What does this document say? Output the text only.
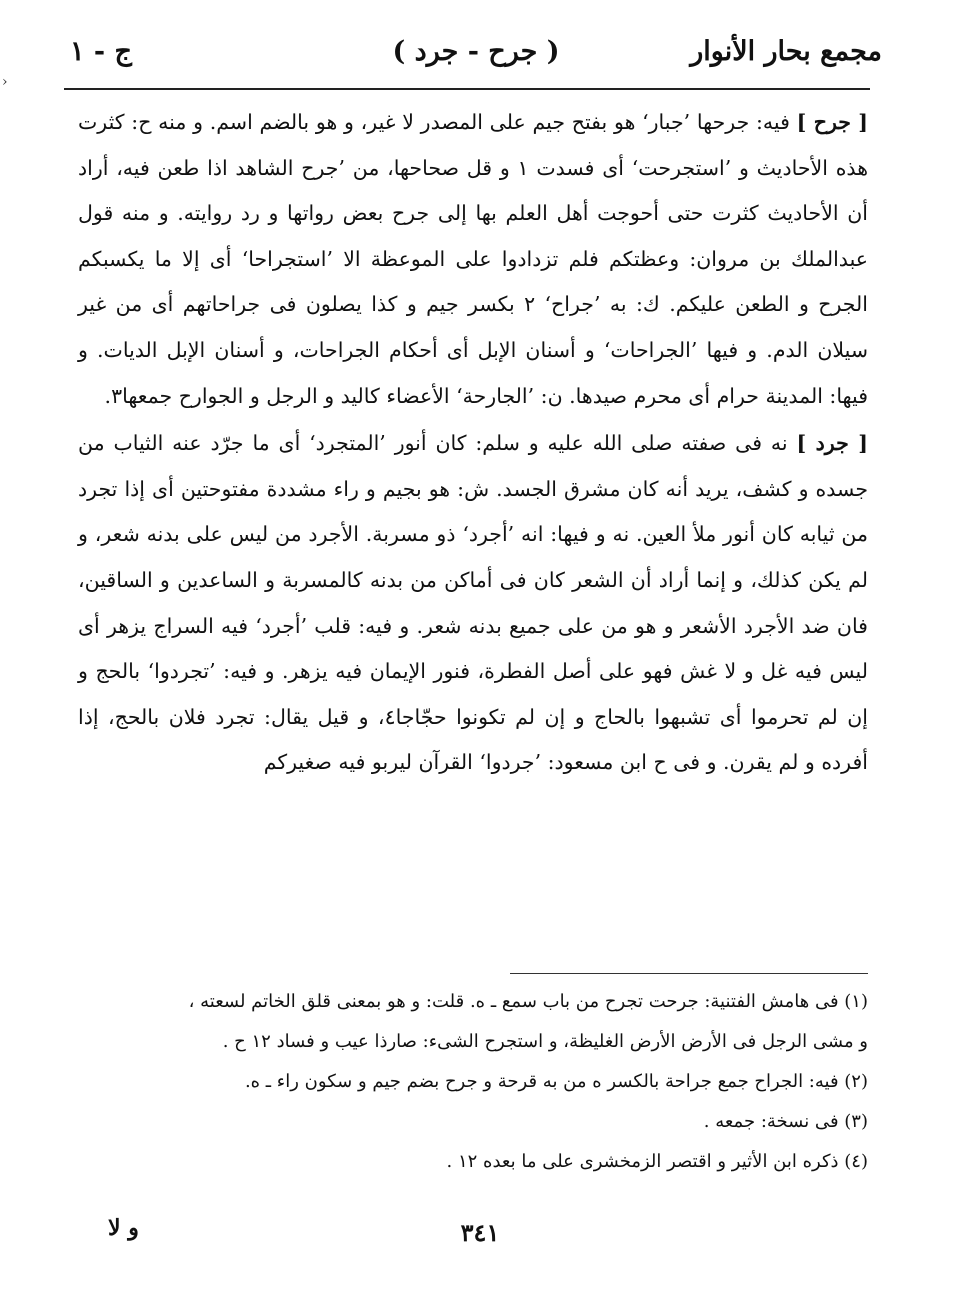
›
مجمع بحار الأنوار
( جرح - جرد )
ج - ١

[ جرح ] فيه: جرحها ’جبار‘ هو بفتح جيم على المصدر لا غير، و هو بالضم اسم. و منه ح: كثرت هذه الأحاديث و ’استجرحت‘ أى فسدت ١ و قل صحاحها، من ’جرح الشاهد اذا طعن فيه، أراد أن الأحاديث كثرت حتى أحوجت أهل العلم بها إلى جرح بعض رواتها و رد روايته. و منه قول عبدالملك بن مروان: وعظتكم فلم تزدادوا على الموعظة الا ’استجراحا‘ أى إلا ما يكسبكم الجرح و الطعن عليكم. ك: به ’جراح‘ ٢ بكسر جيم و كذا يصلون فى جراحاتهم أى من غير سيلان الدم. و فيها ’الجراحات‘ و أسنان الإبل أى أحكام الجراحات، و أسنان الإبل الديات. و فيها: المدينة حرام أى محرم صيدها. ن: ’الجارحة‘ الأعضاء كاليد و الرجل و الجوارح جمعها٣.

[ جرد ] نه فى صفته صلى الله عليه و سلم: كان أنور ’المتجرد‘ أى ما جرّد عنه الثياب من جسده و كشف، يريد أنه كان مشرق الجسد. ش: هو بجيم و راء مشددة مفتوحتين أى إذا تجرد من ثيابه كان أنور ملأ العين. نه و فيها: انه ’أجرد‘ ذو مسربة. الأجرد من ليس على بدنه شعر، و لم يكن كذلك، و إنما أراد أن الشعر كان فى أماكن من بدنه كالمسربة و الساعدين و الساقين، فان ضد الأجرد الأشعر و هو من على جميع بدنه شعر. و فيه: قلب ’أجرد‘ فيه السراج يزهر أى ليس فيه غل و لا غش فهو على أصل الفطرة، فنور الإيمان فيه يزهر. و فيه: ’تجردوا‘ بالحج و إن لم تحرموا أى تشبهوا بالحاج و إن لم تكونوا حجّاجا٤، و قيل يقال: تجرد فلان بالحج، إذا أفرده و لم يقرن. و فى ح ابن مسعود: ’جردوا‘ القرآن ليربو فيه صغيركم

(١) فى هامش الفتنية: جرحت تجرح من باب سمع ـ ه. قلت: و هو بمعنى قلق الخاتم لسعته ،
و مشى الرجل فى الأرض الأرض الغليظة، و استجرح الشىء: صارذا عيب و فساد ١٢ ح .
(٢) فيه: الجراح جمع جراحة بالكسر ه من به قرحة و جرح بضم جيم و سكون راء ـ ه.
(٣) فى نسخة: جمعه .
(٤) ذكره ابن الأثير و اقتصر الزمخشرى على ما بعده ١٢ .
٣٤١
و لا
